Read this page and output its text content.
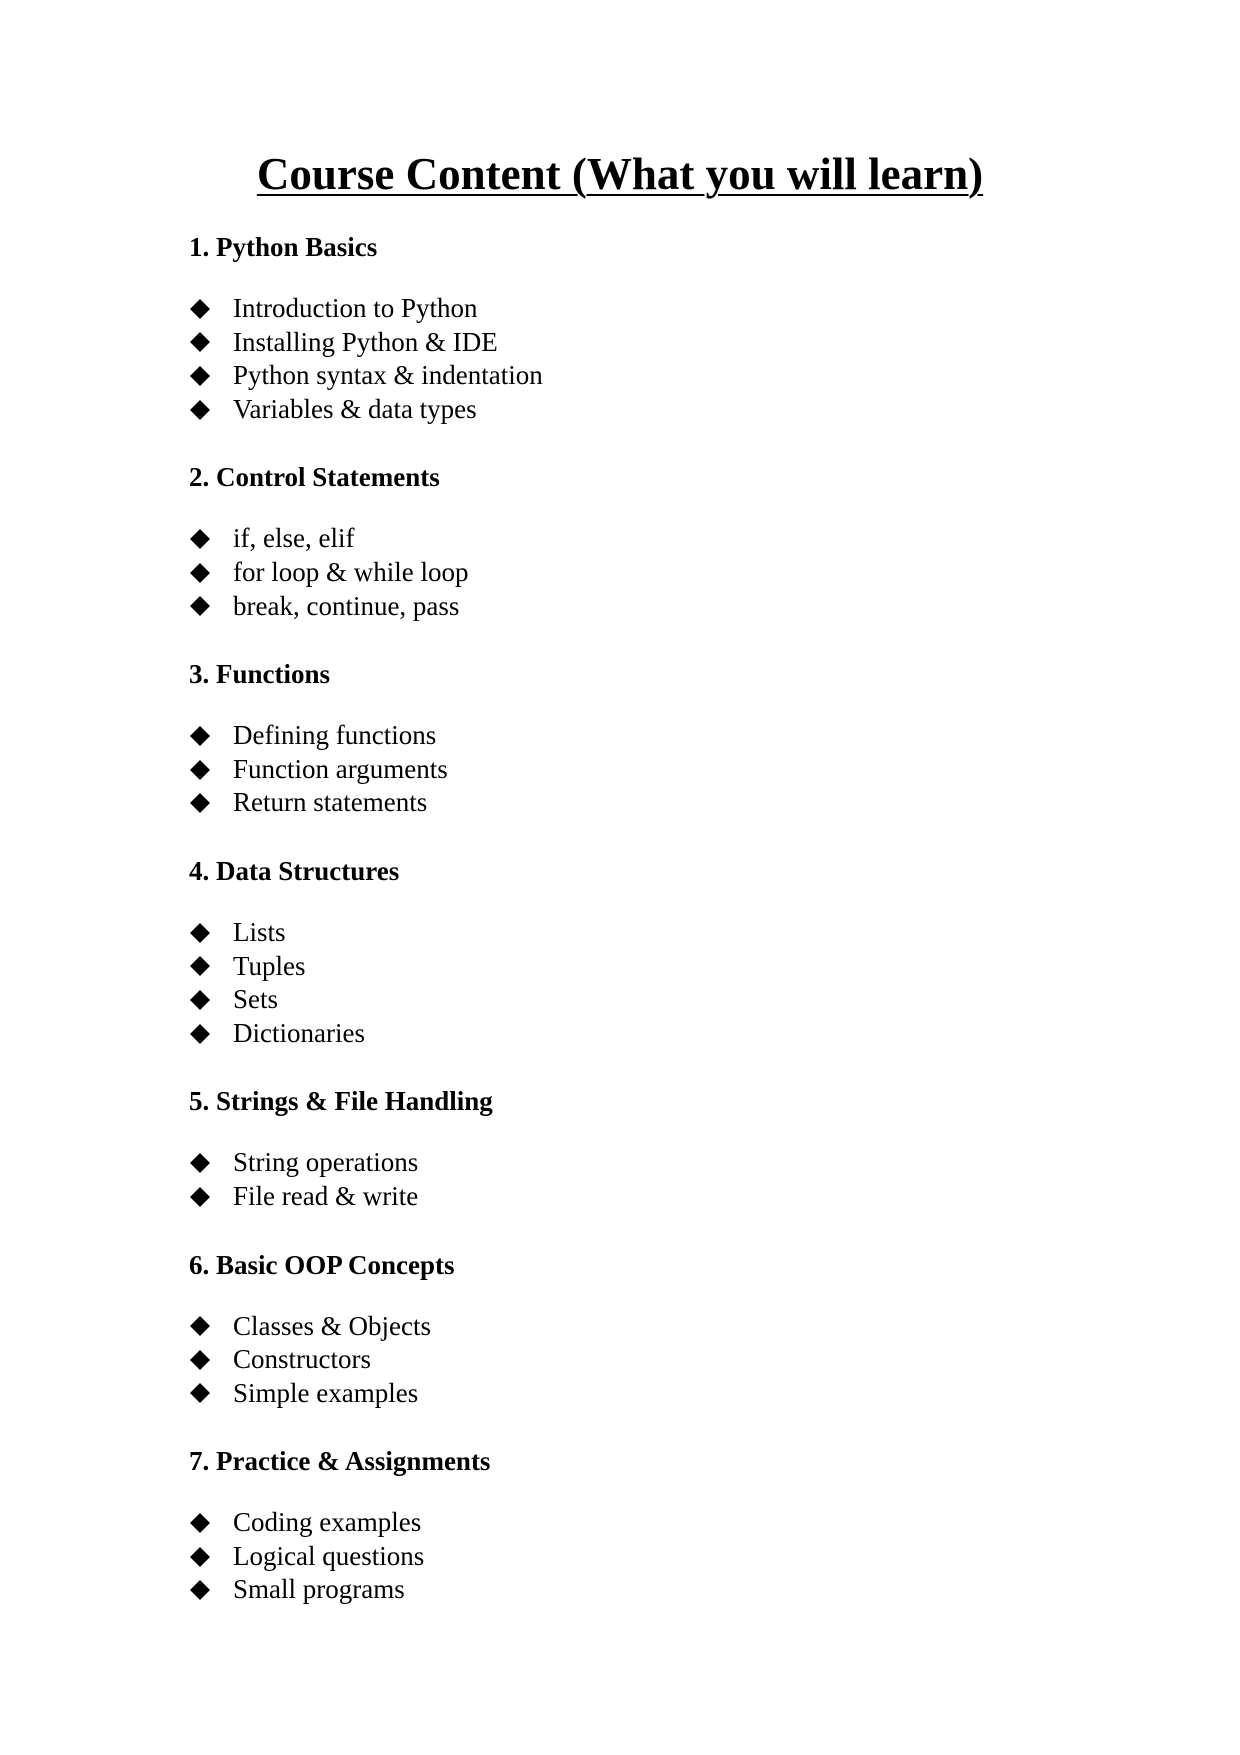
Course Content (What you will learn)
1. Python Basics
Introduction to Python
Installing Python & IDE
Python syntax & indentation
Variables & data types
2. Control Statements
if, else, elif
for loop & while loop
break, continue, pass
3. Functions
Defining functions
Function arguments
Return statements
4. Data Structures
Lists
Tuples
Sets
Dictionaries
5. Strings & File Handling
String operations
File read & write
6. Basic OOP Concepts
Classes & Objects
Constructors
Simple examples
7. Practice & Assignments
Coding examples
Logical questions
Small programs
